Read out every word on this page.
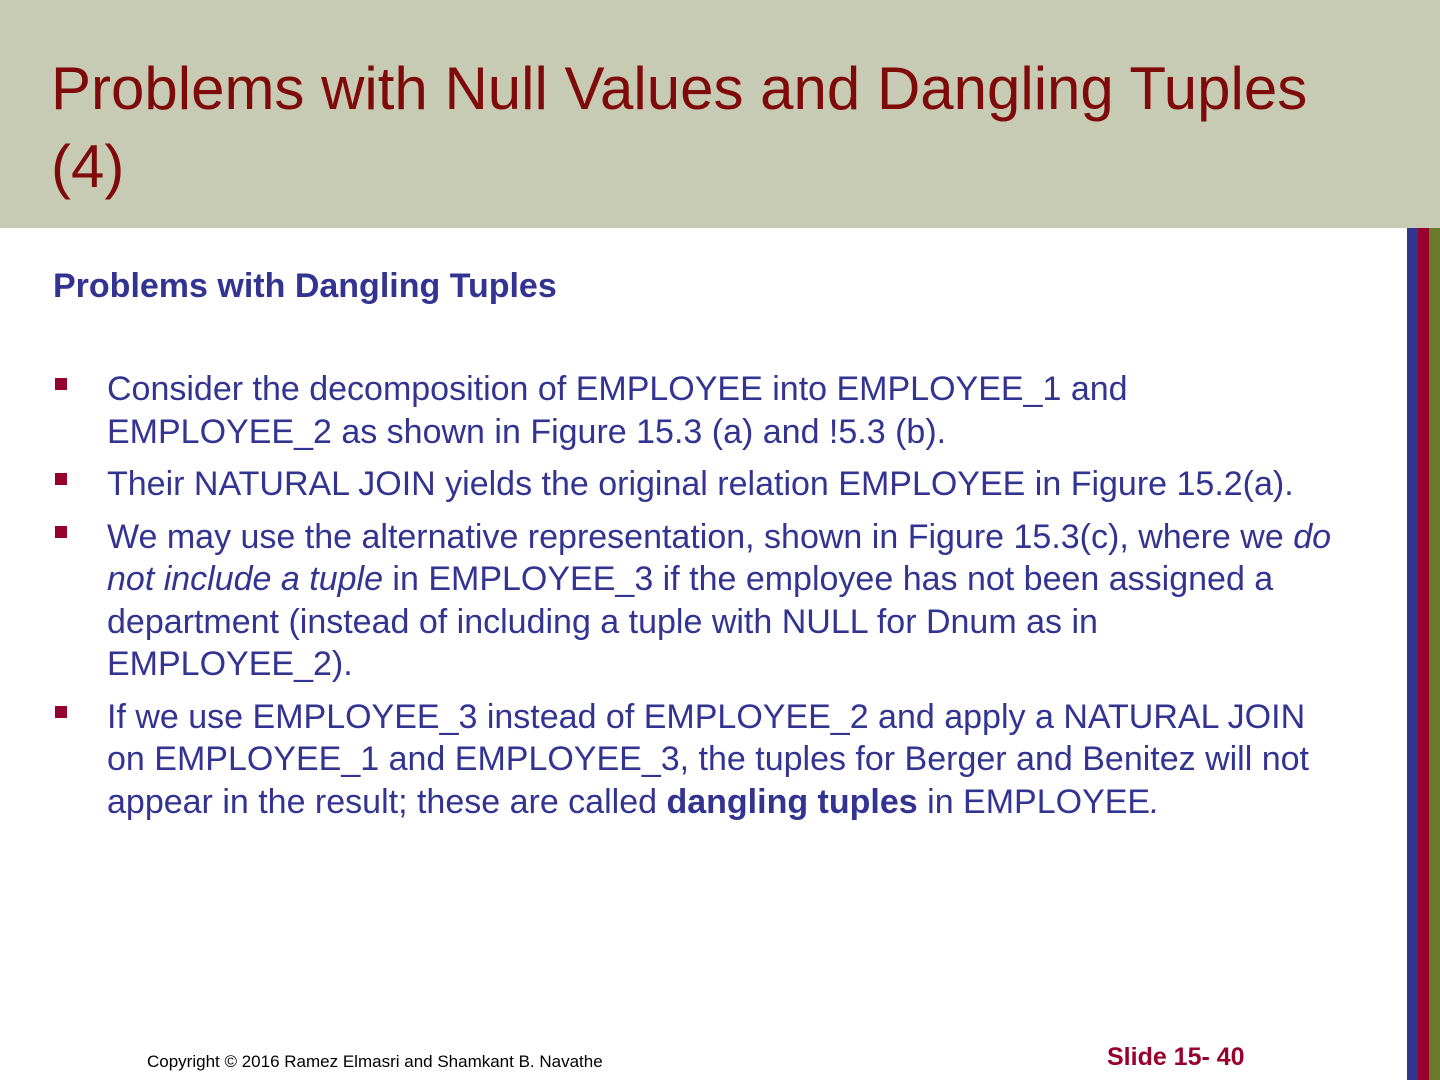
Problems with Null Values and Dangling Tuples (4)
Problems with Dangling Tuples
Consider the decomposition of EMPLOYEE into EMPLOYEE_1 and EMPLOYEE_2 as shown in Figure 15.3 (a) and !5.3 (b).
Their NATURAL JOIN yields the original relation EMPLOYEE in Figure 15.2(a).
We may use the alternative representation, shown in Figure 15.3(c), where we do not include a tuple in EMPLOYEE_3 if the employee has not been assigned a department (instead of including a tuple with NULL for Dnum as in EMPLOYEE_2).
If we use EMPLOYEE_3 instead of EMPLOYEE_2 and apply a NATURAL JOIN on EMPLOYEE_1 and EMPLOYEE_3, the tuples for Berger and Benitez will not appear in the result; these are called dangling tuples in EMPLOYEE.
Copyright © 2016 Ramez Elmasri and Shamkant B. Navathe	Slide 15- 40
